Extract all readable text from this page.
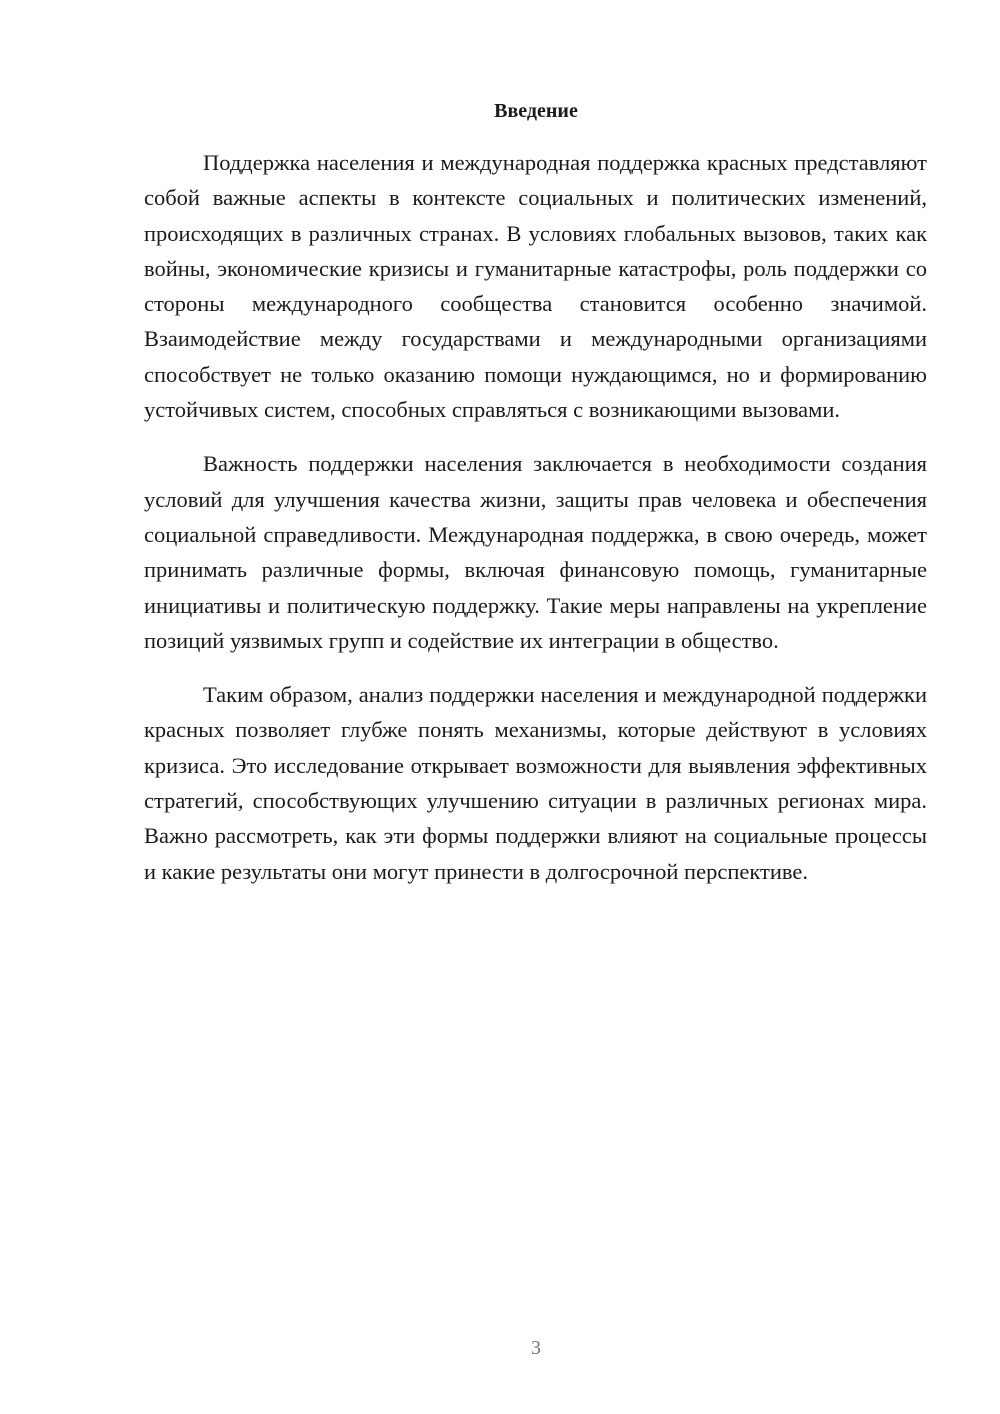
Введение

Поддержка населения и международная поддержка красных представляют собой важные аспекты в контексте социальных и политических изменений, происходящих в различных странах. В условиях глобальных вызовов, таких как войны, экономические кризисы и гуманитарные катастрофы, роль поддержки со стороны международного сообщества становится особенно значимой. Взаимодействие между государствами и международными организациями способствует не только оказанию помощи нуждающимся, но и формированию устойчивых систем, способных справляться с возникающими вызовами.

Важность поддержки населения заключается в необходимости создания условий для улучшения качества жизни, защиты прав человека и обеспечения социальной справедливости. Международная поддержка, в свою очередь, может принимать различные формы, включая финансовую помощь, гуманитарные инициативы и политическую поддержку. Такие меры направлены на укрепление позиций уязвимых групп и содействие их интеграции в общество.

Таким образом, анализ поддержки населения и международной поддержки красных позволяет глубже понять механизмы, которые действуют в условиях кризиса. Это исследование открывает возможности для выявления эффективных стратегий, способствующих улучшению ситуации в различных регионах мира. Важно рассмотреть, как эти формы поддержки влияют на социальные процессы и какие результаты они могут принести в долгосрочной перспективе.

3
